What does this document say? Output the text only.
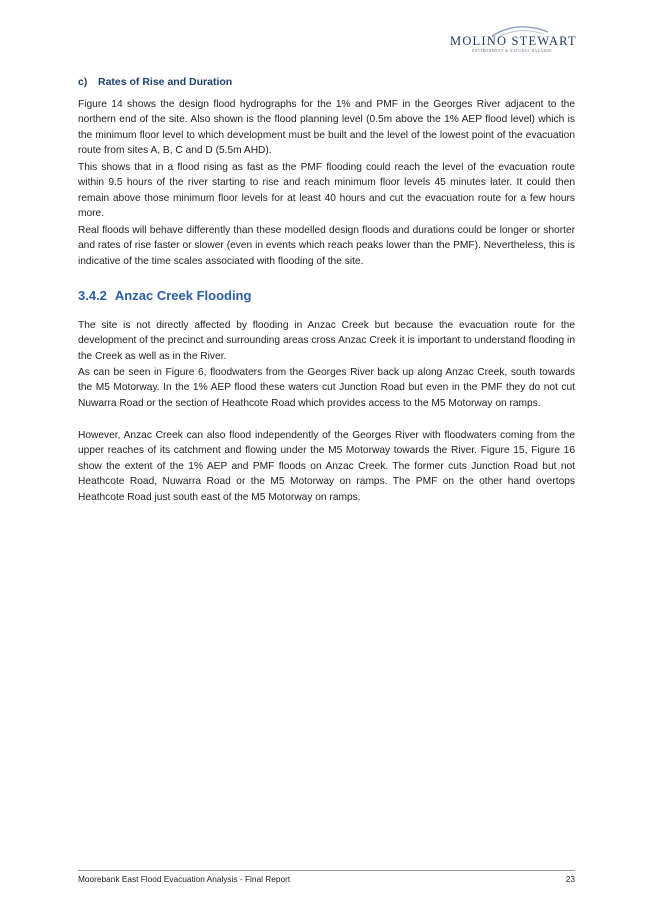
MOLINO STEWART
ENVIRONMENT & NATURAL HAZARDS
c) Rates of Rise and Duration

Figure 14 shows the design flood hydrographs for the 1% and PMF in the Georges River adjacent to the northern end of the site. Also shown is the flood planning level (0.5m above the 1% AEP flood level) which is the minimum floor level to which development must be built and the level of the lowest point of the evacuation route from sites A, B, C and D (5.5m AHD).

This shows that in a flood rising as fast as the PMF flooding could reach the level of the evacuation route within 9.5 hours of the river starting to rise and reach minimum floor levels 45 minutes later. It could then remain above those minimum floor levels for at least 40 hours and cut the evacuation route for a few hours more.

Real floods will behave differently than these modelled design floods and durations could be longer or shorter and rates of rise faster or slower (even in events which reach peaks lower than the PMF). Nevertheless, this is indicative of the time scales associated with flooding of the site.

3.4.2 Anzac Creek Flooding

The site is not directly affected by flooding in Anzac Creek but because the evacuation route for the development of the precinct and surrounding areas cross Anzac Creek it is important to understand flooding in the Creek as well as in the River.

As can be seen in Figure 6, floodwaters from the Georges River back up along Anzac Creek, south towards the M5 Motorway. In the 1% AEP flood these waters cut Junction Road but even in the PMF they do not cut Nuwarra Road or the section of Heathcote Road which provides access to the M5 Motorway on ramps.

However, Anzac Creek can also flood independently of the Georges River with floodwaters coming from the upper reaches of its catchment and flowing under the M5 Motorway towards the River. Figure 15, Figure 16 show the extent of the 1% AEP and PMF floods on Anzac Creek. The former cuts Junction Road but not Heathcote Road, Nuwarra Road or the M5 Motorway on ramps. The PMF on the other hand overtops Heathcote Road just south east of the M5 Motorway on ramps.

Moorebank East Flood Evacuation Analysis - Final Report	23
